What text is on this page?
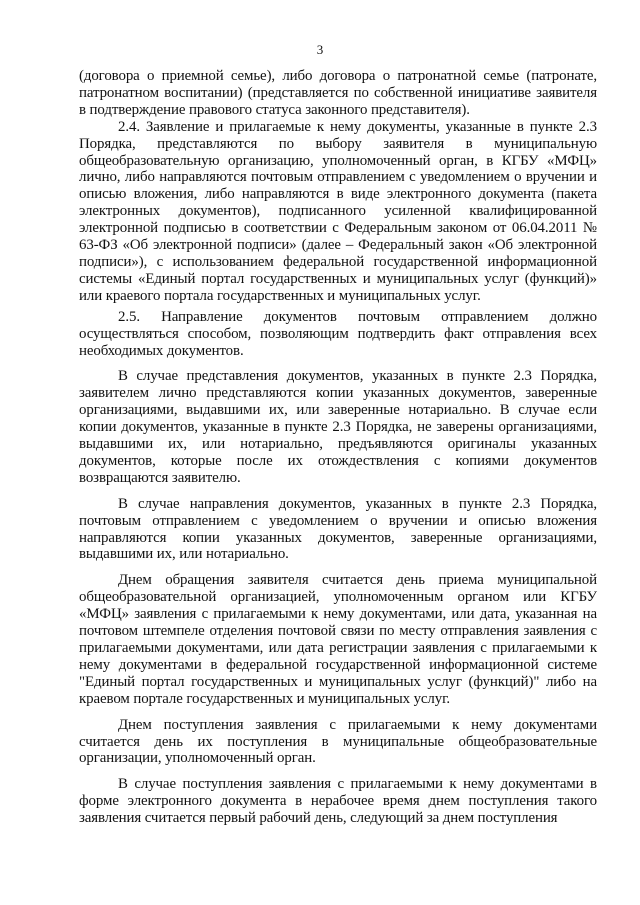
3

(договора о приемной семье), либо договора о патронатной семье (патронате, патронатном воспитании) (представляется по собственной инициативе заявителя в подтверждение правового статуса законного представителя).

2.4. Заявление и прилагаемые к нему документы, указанные в пункте 2.3 Порядка, представляются по выбору заявителя в муниципальную общеобразовательную организацию, уполномоченный орган, в КГБУ «МФЦ» лично, либо направляются почтовым отправлением с уведомлением о вручении и описью вложения, либо направляются в виде электронного документа (пакета электронных документов), подписанного усиленной квалифицированной электронной подписью в соответствии с Федеральным законом от 06.04.2011 № 63-ФЗ «Об электронной подписи» (далее – Федеральный закон «Об электронной подписи»), с использованием федеральной государственной информационной системы «Единый портал государственных и муниципальных услуг (функций)» или краевого портала государственных и муниципальных услуг.

2.5. Направление документов почтовым отправлением должно осуществляться способом, позволяющим подтвердить факт отправления всех необходимых документов.

В случае представления документов, указанных в пункте 2.3 Порядка, заявителем лично представляются копии указанных документов, заверенные организациями, выдавшими их, или заверенные нотариально. В случае если копии документов, указанные в пункте 2.3 Порядка, не заверены организациями, выдавшими их, или нотариально, предъявляются оригиналы указанных документов, которые после их отождествления с копиями документов возвращаются заявителю.

В случае направления документов, указанных в пункте 2.3 Порядка, почтовым отправлением с уведомлением о вручении и описью вложения направляются копии указанных документов, заверенные организациями, выдавшими их, или нотариально.

Днем обращения заявителя считается день приема муниципальной общеобразовательной организацией, уполномоченным органом или КГБУ «МФЦ» заявления с прилагаемыми к нему документами, или дата, указанная на почтовом штемпеле отделения почтовой связи по месту отправления заявления с прилагаемыми документами, или дата регистрации заявления с прилагаемыми к нему документами в федеральной государственной информационной системе "Единый портал государственных и муниципальных услуг (функций)" либо на краевом портале государственных и муниципальных услуг.

Днем поступления заявления с прилагаемыми к нему документами считается день их поступления в муниципальные общеобразовательные организации, уполномоченный орган.

В случае поступления заявления с прилагаемыми к нему документами в форме электронного документа в нерабочее время днем поступления такого заявления считается первый рабочий день, следующий за днем поступления
